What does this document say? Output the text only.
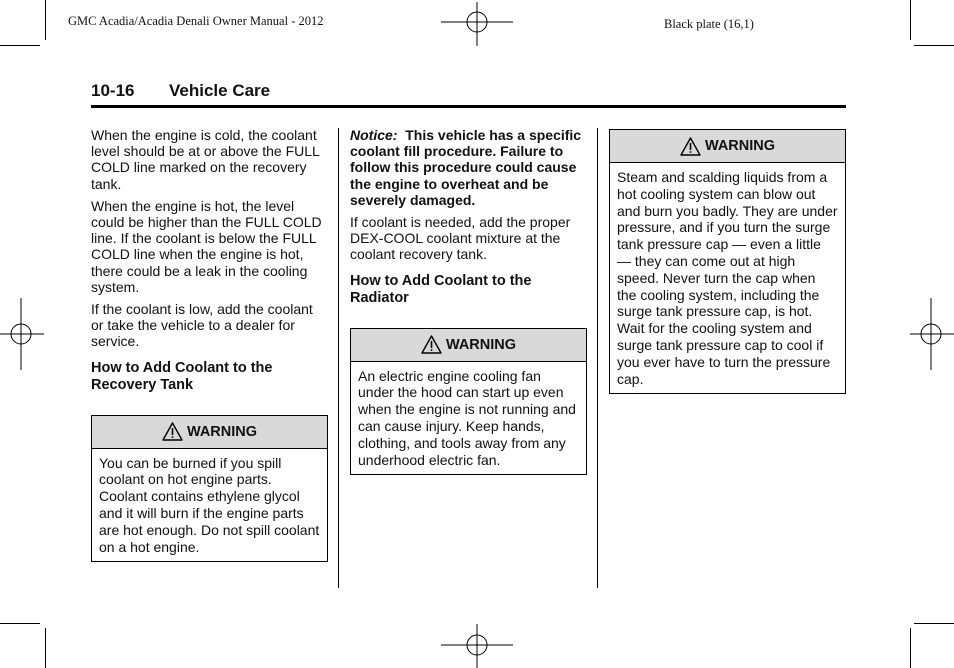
GMC Acadia/Acadia Denali Owner Manual - 2012	Black plate (16,1)
10-16 Vehicle Care

When the engine is cold, the coolant level should be at or above the FULL COLD line marked on the recovery tank.

When the engine is hot, the level could be higher than the FULL COLD line. If the coolant is below the FULL COLD line when the engine is hot, there could be a leak in the cooling system.

If the coolant is low, add the coolant or take the vehicle to a dealer for service.

How to Add Coolant to the Recovery Tank
WARNING
You can be burned if you spill coolant on hot engine parts. Coolant contains ethylene glycol and it will burn if the engine parts are hot enough. Do not spill coolant on a hot engine.

Notice: This vehicle has a specific coolant fill procedure. Failure to follow this procedure could cause the engine to overheat and be severely damaged.

If coolant is needed, add the proper DEX-COOL coolant mixture at the coolant recovery tank.

How to Add Coolant to the Radiator
WARNING
An electric engine cooling fan under the hood can start up even when the engine is not running and can cause injury. Keep hands, clothing, and tools away from any underhood electric fan.
WARNING
Steam and scalding liquids from a hot cooling system can blow out and burn you badly. They are under pressure, and if you turn the surge tank pressure cap — even a little — they can come out at high speed. Never turn the cap when the cooling system, including the surge tank pressure cap, is hot. Wait for the cooling system and surge tank pressure cap to cool if you ever have to turn the pressure cap.
